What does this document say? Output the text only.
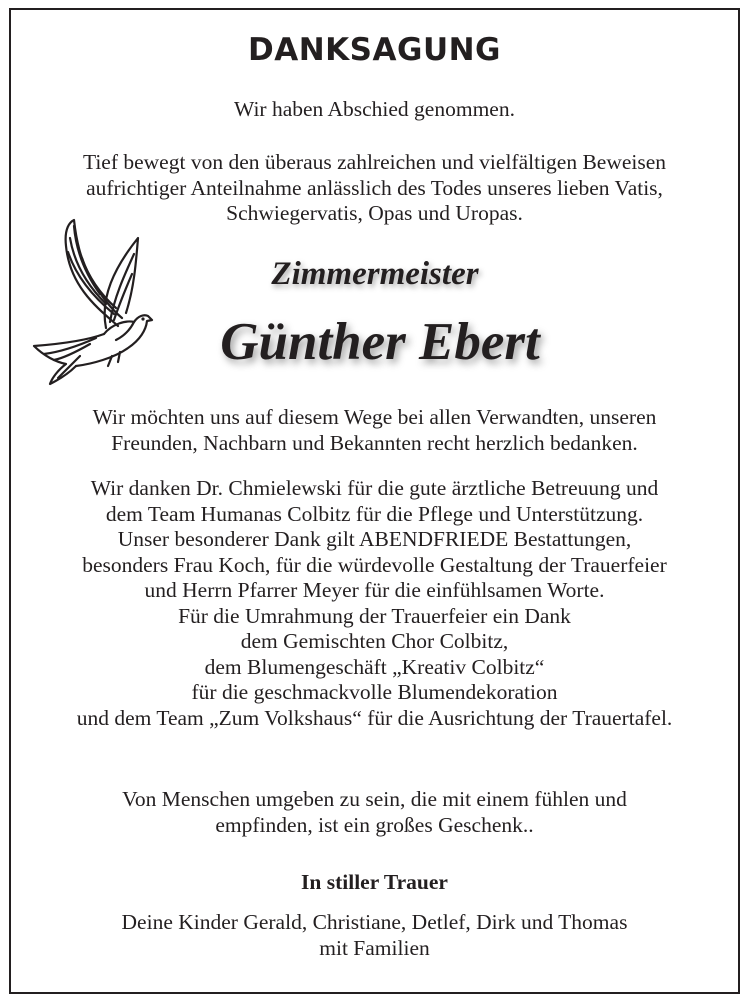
DANKSAGUNG
Wir haben Abschied genommen.
Tief bewegt von den überaus zahlreichen und vielfältigen Beweisen
aufrichtiger Anteilnahme anlässlich des Todes unseres lieben Vatis,
Schwiegervatis, Opas und Uropas.
Zimmermeister
Günther Ebert
Wir möchten uns auf diesem Wege bei allen Verwandten, unseren
Freunden, Nachbarn und Bekannten recht herzlich bedanken.
Wir danken Dr. Chmielewski für die gute ärztliche Betreuung und
dem Team Humanas Colbitz für die Pflege und Unterstützung.
Unser besonderer Dank gilt ABENDFRIEDE Bestattungen,
besonders Frau Koch, für die würdevolle Gestaltung der Trauerfeier
und Herrn Pfarrer Meyer für die einfühlsamen Worte.
Für die Umrahmung der Trauerfeier ein Dank
dem Gemischten Chor Colbitz,
dem Blumengeschäft „Kreativ Colbitz“
für die geschmackvolle Blumendekoration
und dem Team „Zum Volkshaus“ für die Ausrichtung der Trauertafel.
Von Menschen umgeben zu sein, die mit einem fühlen und
empfinden, ist ein großes Geschenk..
In stiller Trauer
Deine Kinder Gerald, Christiane, Detlef, Dirk und Thomas
mit Familien
